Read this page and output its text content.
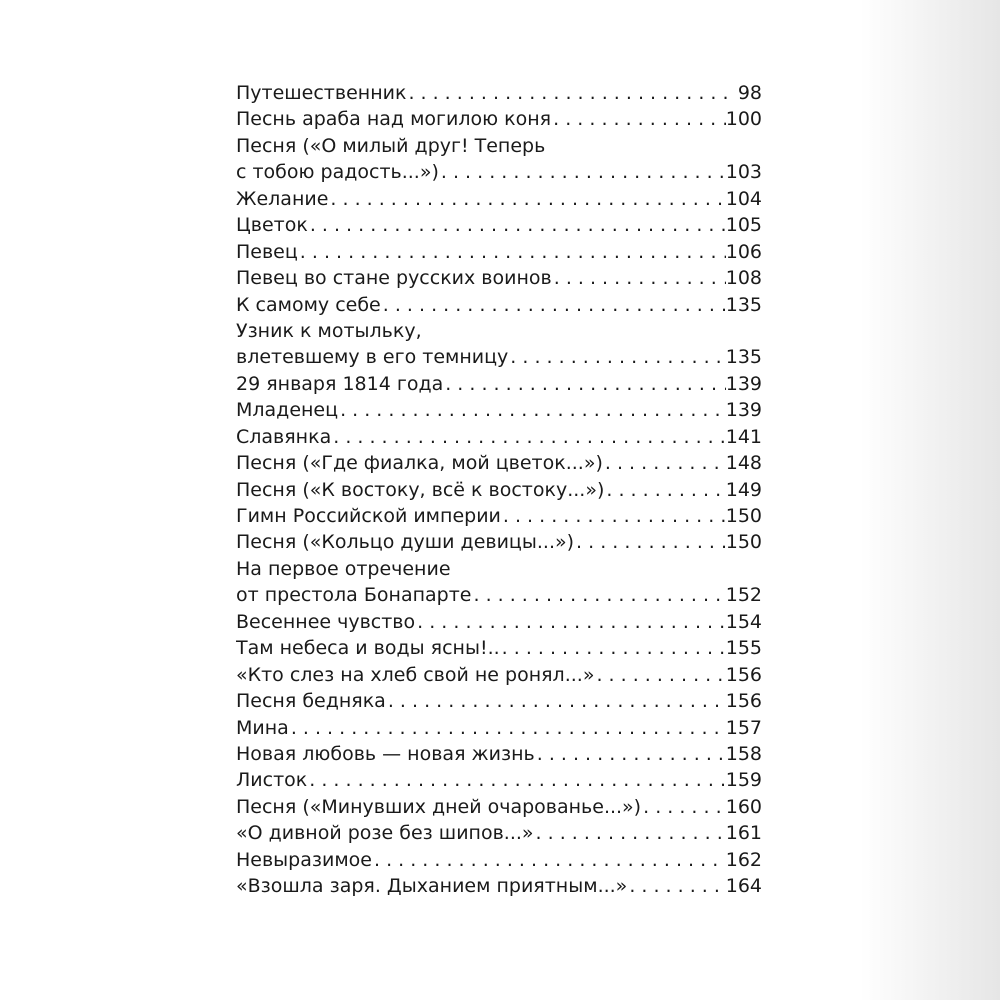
Путешественник . . .	98
Песнь араба над могилою коня . . .	100
Песня («О милый друг! Теперь
с тобою радость...») . . .	103
Желание . . .	104
Цветок . . .	105
Певец . . .	106
Певец во стане русских воинов . . .	108
К самому себе . . .	135
Узник к мотыльку,
влетевшему в его темницу . . .	135
29 января 1814 года . . .	139
Младенец . . .	139
Славянка . . .	141
Песня («Где фиалка, мой цветок...») . . .	148
Песня («К востоку, всё к востоку...») . . .	149
Гимн Российской империи . . .	150
Песня («Кольцо души девицы...») . . .	150
На первое отречение
от престола Бонапарте . . .	152
Весеннее чувство . . .	154
Там небеса и воды ясны!.. . . .	155
«Кто слез на хлеб свой не ронял...» . . .	156
Песня бедняка . . .	156
Мина . . .	157
Новая любовь — новая жизнь . . .	158
Листок . . .	159
Песня («Минувших дней очарованье...») . . .	160
«О дивной розе без шипов...» . . .	161
Невыразимое . . .	162
«Взошла заря. Дыханием приятным...» . . .	164
